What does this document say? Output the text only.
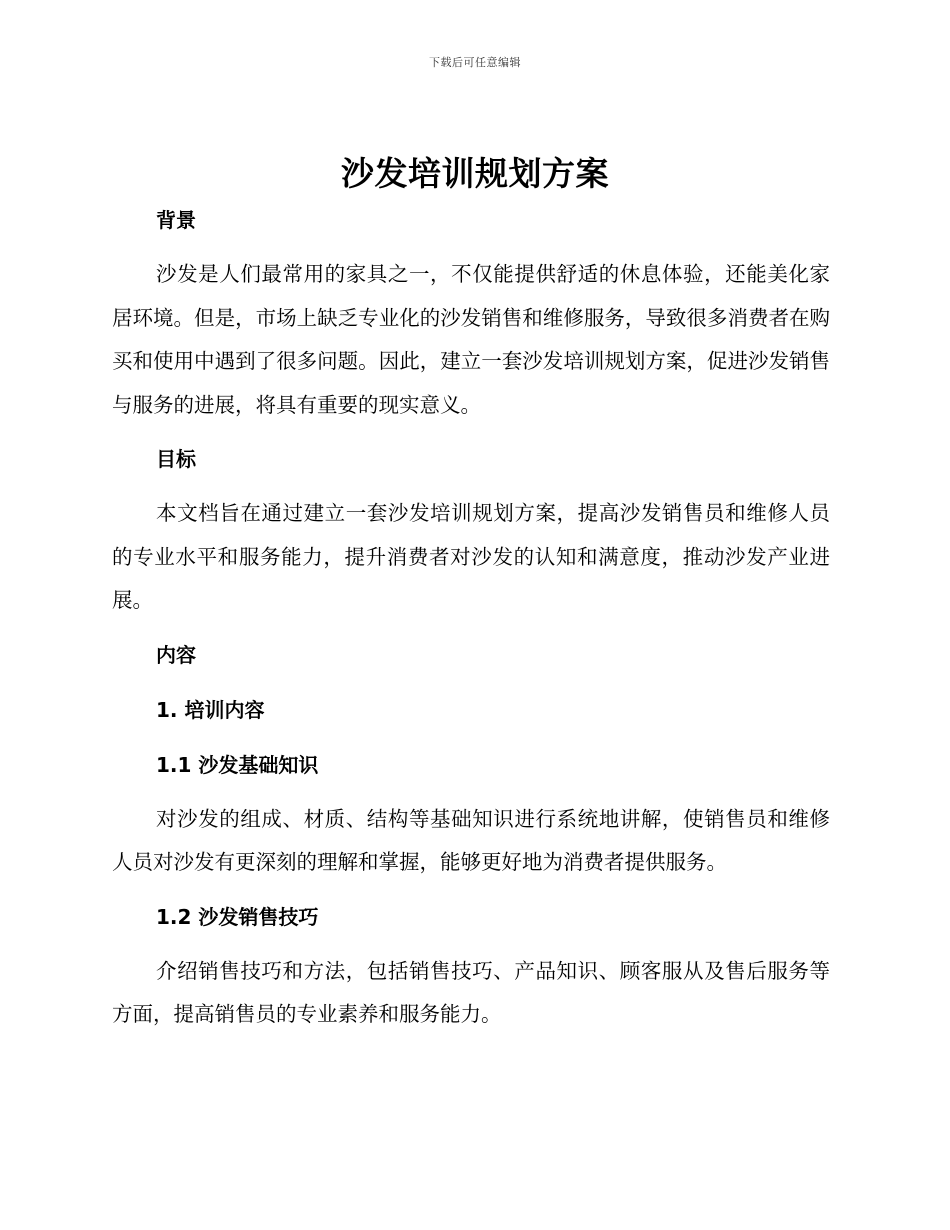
下载后可任意编辑
沙发培训规划方案

背景

沙发是人们最常用的家具之一，不仅能提供舒适的休息体验，还能美化家居环境。但是，市场上缺乏专业化的沙发销售和维修服务，导致很多消费者在购买和使用中遇到了很多问题。因此，建立一套沙发培训规划方案，促进沙发销售与服务的进展，将具有重要的现实意义。

目标

本文档旨在通过建立一套沙发培训规划方案，提高沙发销售员和维修人员的专业水平和服务能力，提升消费者对沙发的认知和满意度，推动沙发产业进展。

内容

1. 培训内容

1.1 沙发基础知识

对沙发的组成、材质、结构等基础知识进行系统地讲解，使销售员和维修人员对沙发有更深刻的理解和掌握，能够更好地为消费者提供服务。

1.2 沙发销售技巧

介绍销售技巧和方法，包括销售技巧、产品知识、顾客服从及售后服务等方面，提高销售员的专业素养和服务能力。
